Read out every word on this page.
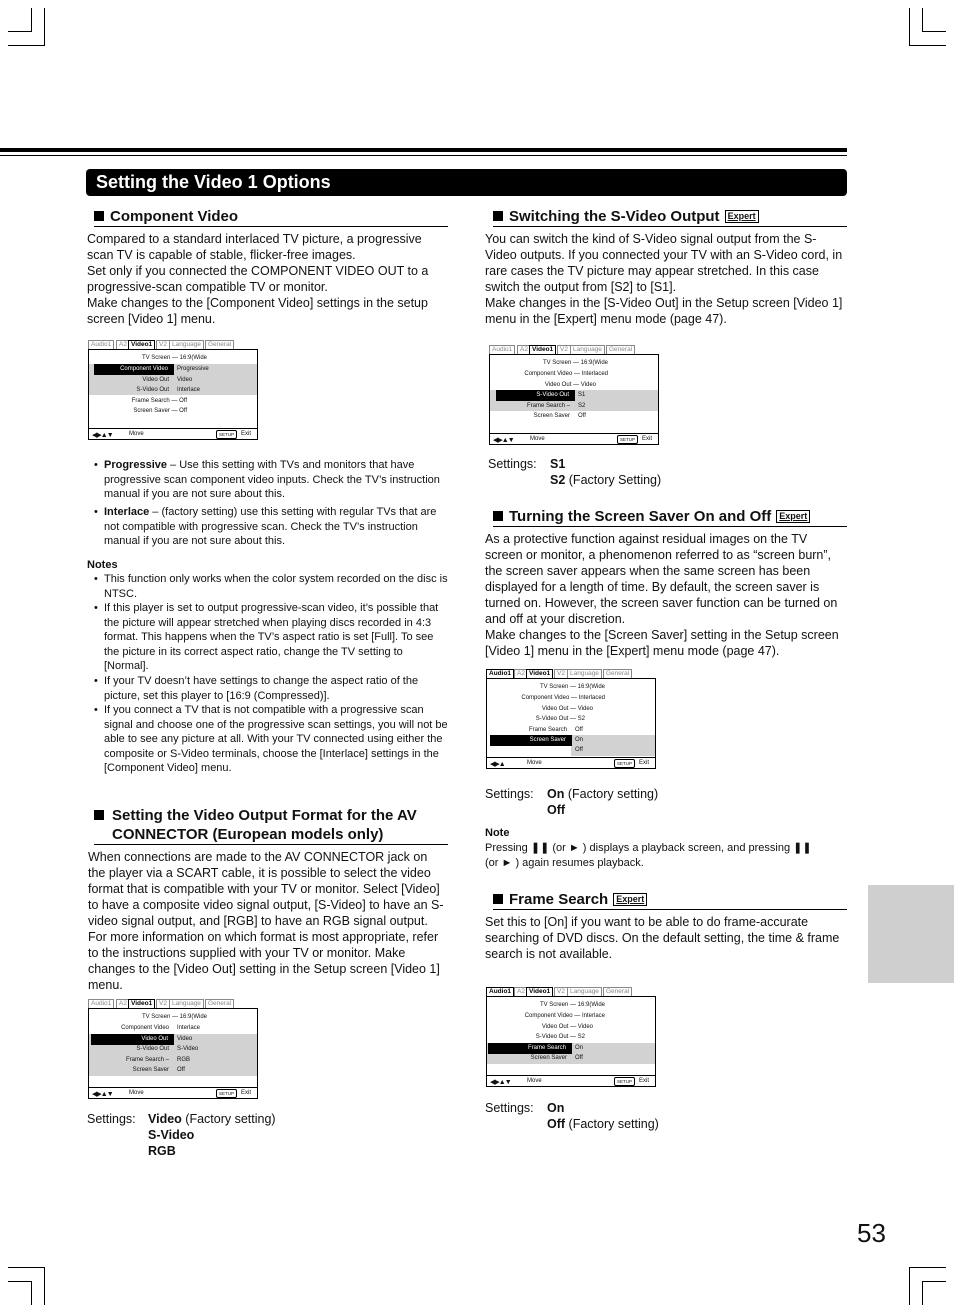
Setting the Video 1 Options
53
Component Video
Compared to a standard interlaced TV picture, a progressive scan TV is capable of stable, flicker-free images.
Set only if you connected the COMPONENT VIDEO OUT to a progressive-scan compatible TV or monitor.
Make changes to the [Component Video] settings in the setup screen [Video 1] menu.
Audio1	A2 Video1	V2 Language	General
TV Screen — 16:9(Wide
Component Video	Progressive
Video Out Video
S-Video Out Interlace
Frame Search — Off
Screen Saver — Off
◀▶▲▼	Move	SETUP	Exit
• Progressive – Use this setting with TVs and monitors that have progressive scan component video inputs. Check the TV’s instruction manual if you are not sure about this.
• Interlace – (factory setting) use this setting with regular TVs that are not compatible with progressive scan. Check the TV’s instruction manual if you are not sure about this.
Notes
• This function only works when the color system recorded on the disc is NTSC.
• If this player is set to output progressive-scan video, it’s possible that the picture will appear stretched when playing discs recorded in 4:3 format. This happens when the TV’s aspect ratio is set [Full]. To see the picture in its correct aspect ratio, change the TV setting to [Normal].
• If your TV doesn’t have settings to change the aspect ratio of the picture, set this player to [16:9 (Compressed)].
• If you connect a TV that is not compatible with a progressive scan signal and choose one of the progressive scan settings, you will not be able to see any picture at all. With your TV connected using either the composite or S-Video terminals, choose the [Interlace] settings in the [Component Video] menu.
Setting the Video Output Format for the AV
CONNECTOR (European models only)
When connections are made to the AV CONNECTOR jack on the player via a SCART cable, it is possible to select the video format that is compatible with your TV or monitor. Select [Video] to have a composite video signal output, [S-Video] to have an S-video signal output, and [RGB] to have an RGB signal output. For more information on which format is most appropriate, refer to the instructions supplied with your TV or monitor. Make changes to the [Video Out] setting in the Setup screen [Video 1] menu.
Audio1	A2 Video1	V2 Language	General
TV Screen — 16:9(Wide
Component Video Interlace
Video Out	Video
S-Video Out S-Video
Frame Search – RGB
Screen Saver Off
◀▶▲▼	Move	SETUP	Exit
Settings: Video (Factory setting)
S-Video
RGB
Switching the S-Video Output Expert
You can switch the kind of S-Video signal output from the S-Video outputs. If you connected your TV with an S-Video cord, in rare cases the TV picture may appear stretched. In this case switch the output from [S2] to [S1].
Make changes in the [S-Video Out] in the Setup screen [Video 1] menu in the [Expert] menu mode (page 47).
Audio1	A2 Video1	V2 Language	General
TV Screen — 16:9(Wide
Component Video — Interlaced
Video Out — Video
S-Video Out	S1
Frame Search – S2
Screen Saver Off
◀▶▲▼	Move	SETUP	Exit
Settings: S1
S2 (Factory Setting)
Turning the Screen Saver On and Off Expert
As a protective function against residual images on the TV screen or monitor, a phenomenon referred to as “screen burn”, the screen saver appears when the same screen has been displayed for a length of time. By default, the screen saver is turned on. However, the screen saver function can be turned on and off at your discretion.
Make changes to the [Screen Saver] setting in the Setup screen [Video 1] menu in the [Expert] menu mode (page 47).
Audio1 A2 Video1	V2 Language	General
TV Screen — 16:9(Wide
Component Video — Interlaced
Video Out — Video
S-Video Out — S2
Frame Search Off
Screen Saver	On
Off
◀▶▲	Move	SETUP	Exit
Settings: On (Factory setting)
Off
Note
Pressing ❚❚ (or ► ) displays a playback screen, and pressing ❚❚
(or ► ) again resumes playback.
Frame Search Expert
Set this to [On] if you want to be able to do frame-accurate searching of DVD discs. On the default setting, the time & frame search is not available.
Audio1 A2 Video1	V2 Language	General
TV Screen — 16:9(Wide
Component Video — Interlace
Video Out — Video
S-Video Out — S2
Frame Search	On
Screen Saver Off
◀▶▲▼	Move	SETUP	Exit
Settings: On
Off (Factory setting)
